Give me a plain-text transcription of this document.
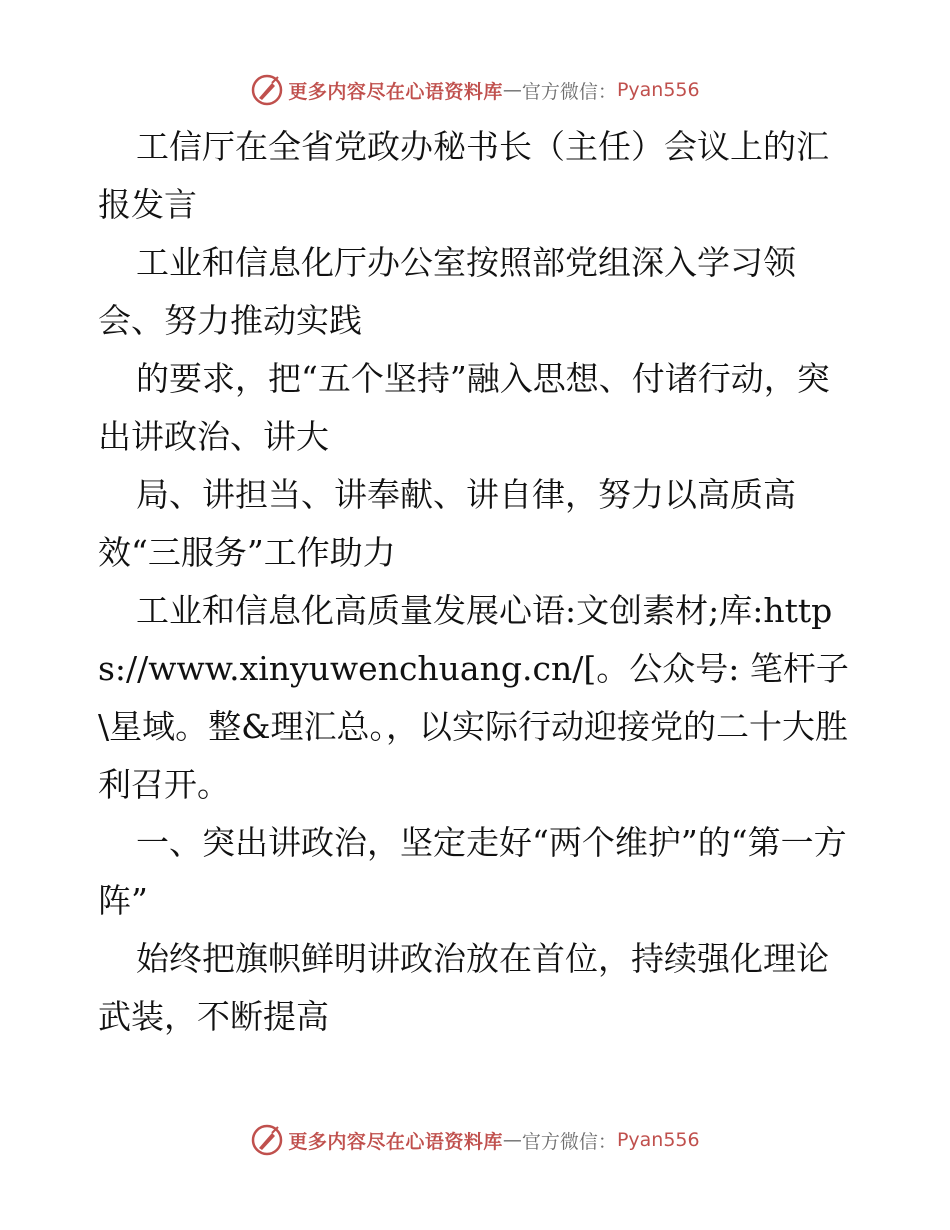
更多内容尽在心语资料库 — 官方微信： Pyan556

工信厅在全省党政办秘书长（主任）会议上的汇报发言

工业和信息化厅办公室按照部党组深入学习领会、努力推动实践

的要求，把“五个坚持”融入思想、付诸行动，突出讲政治、讲大

局、讲担当、讲奉献、讲自律，努力以高质高效“三服务”工作助力

工业和信息化高质量发展心语:文创素材;库:https://www.xinyuwenchuang.cn/[。公众号: 笔杆子\星域。整&理汇总。，以实际行动迎接党的二十大胜利召开。

一、突出讲政治，坚定走好“两个维护”的“第一方阵”

始终把旗帜鲜明讲政治放在首位，持续强化理论武装，不断提高

更多内容尽在心语资料库 — 官方微信： Pyan556
